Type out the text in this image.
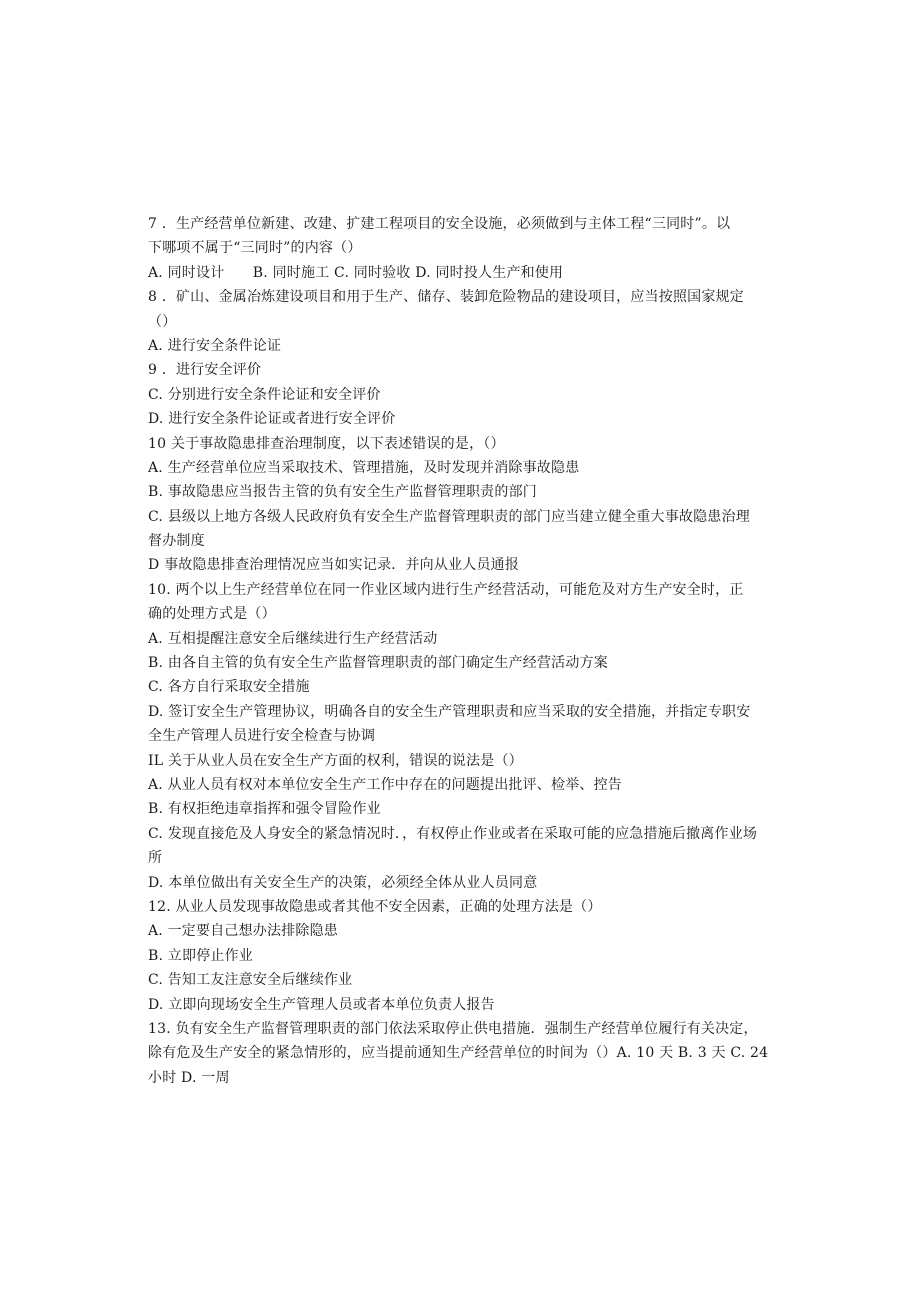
7 ．生产经营单位新建、改建、扩建工程项目的安全设施，必须做到与主体工程“三同时”。以
下哪项不属于“三同时”的内容（）
A. 同时设计　　B. 同时施工 C. 同时验收 D. 同时投人生产和使用
8 ．矿山、金属冶炼建设项目和用于生产、储存、装卸危险物品的建设项目，应当按照国家规定
（）
A. 进行安全条件论证
9 ．进行安全评价
C. 分别进行安全条件论证和安全评价
D. 进行安全条件论证或者进行安全评价
10 关于事故隐患排查治理制度，以下表述错误的是，（）
A. 生产经营单位应当采取技术、管理措施，及时发现并消除事故隐患
B. 事故隐患应当报告主管的负有安全生产监督管理职责的部门
C. 县级以上地方各级人民政府负有安全生产监督管理职责的部门应当建立健全重大事故隐患治理
督办制度
D 事故隐患排查治理情况应当如实记录．并向从业人员通报
10. 两个以上生产经营单位在同一作业区域内进行生产经营活动，可能危及对方生产安全时，正
确的处理方式是（）
A. 互相提醒注意安全后继续进行生产经营活动
B. 由各自主管的负有安全生产监督管理职责的部门确定生产经营活动方案
C. 各方自行采取安全措施
D. 签订安全生产管理协议，明确各自的安全生产管理职责和应当采取的安全措施，并指定专职安
全生产管理人员进行安全检查与协调
IL 关于从业人员在安全生产方面的权利，错误的说法是（）
A. 从业人员有权对本单位安全生产工作中存在的问题提出批评、检举、控告
B. 有权拒绝违章指挥和强令冒险作业
C. 发现直接危及人身安全的紧急情况时．，有权停止作业或者在采取可能的应急措施后撤离作业场
所
D. 本单位做出有关安全生产的决策，必须经全体从业人员同意
12. 从业人员发现事故隐患或者其他不安全因素，正确的处理方法是（）
A. 一定要自己想办法排除隐患
B. 立即停止作业
C. 告知工友注意安全后继续作业
D. 立即向现场安全生产管理人员或者本单位负责人报告
13. 负有安全生产监督管理职责的部门依法采取停止供电措施．强制生产经营单位履行有关决定，
除有危及生产安全的紧急情形的，应当提前通知生产经营单位的时间为（）A. 10 天 B. 3 天 C. 24
小时 D. 一周
